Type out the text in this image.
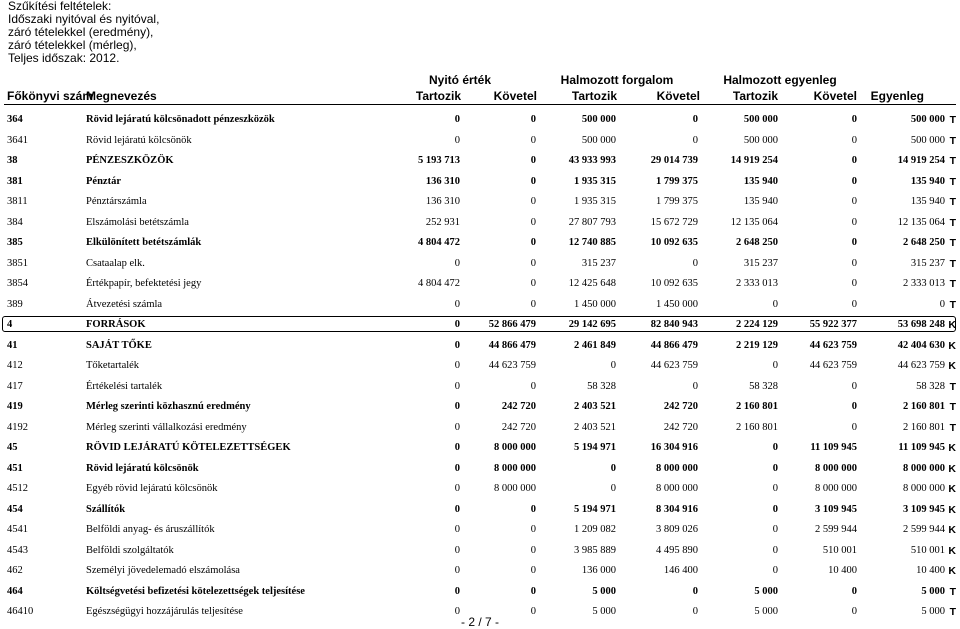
Szűkítési feltételek:
Időszaki nyitóval és nyitóval,
záró tételekkel (eredmény),
záró tételekkel (mérleg),
Teljes időszak: 2012.
Nyitó érték	Halmozott forgalom	Halmozott egyenleg
Főkönyvi szám
Megnevezés	Tartozik	Követel	Tartozik	Követel	Tartozik	Követel Egyenleg
364	Rövid lejáratú kölcsönadott pénzeszközök	0	0	500 000	0	500 000	0	500 000 T
3641	Rövid lejáratú kölcsönök	0	0	500 000	0	500 000	0	500 000 T
38	PÉNZESZKÖZÖK	5 193 713	0	43 933 993	29 014 739	14 919 254	0	14 919 254 T
381	Pénztár	136 310	0	1 935 315	1 799 375	135 940	0	135 940 T
3811	Pénztárszámla	136 310	0	1 935 315	1 799 375	135 940	0	135 940 T
384	Elszámolási betétszámla	252 931	0	27 807 793	15 672 729	12 135 064	0	12 135 064 T
385	Elkülönített betétszámlák	4 804 472	0	12 740 885	10 092 635	2 648 250	0	2 648 250 T
3851	Csataalap elk.	0	0	315 237	0	315 237	0	315 237 T
3854	Értékpapír, befektetési jegy	4 804 472	0	12 425 648	10 092 635	2 333 013	0	2 333 013 T
389	Átvezetési számla	0	0	1 450 000	1 450 000	0	0	0 T
4	FORRÁSOK	0	52 866 479	29 142 695	82 840 943	2 224 129	55 922 377	53 698 248 K
41	SAJÁT TŐKE	0	44 866 479	2 461 849	44 866 479	2 219 129	44 623 759	42 404 630 K
412	Tőketartalék	0	44 623 759	0	44 623 759	0	44 623 759	44 623 759 K
417	Értékelési tartalék	0	0	58 328	0	58 328	0	58 328 T
419	Mérleg szerinti közhasznú eredmény	0	242 720	2 403 521	242 720	2 160 801	0	2 160 801 T
4192	Mérleg szerinti vállalkozási eredmény	0	242 720	2 403 521	242 720	2 160 801	0	2 160 801 T
45	RÖVID LEJÁRATÚ KÖTELEZETTSÉGEK	0	8 000 000	5 194 971	16 304 916	0	11 109 945	11 109 945 K
451	Rövid lejáratú kölcsönök	0	8 000 000	0	8 000 000	0	8 000 000	8 000 000 K
4512	Egyéb rövid lejáratú kölcsönök	0	8 000 000	0	8 000 000	0	8 000 000	8 000 000 K
454	Szállítók	0	0	5 194 971	8 304 916	0	3 109 945	3 109 945 K
4541	Belföldi anyag- és áruszállítók	0	0	1 209 082	3 809 026	0	2 599 944	2 599 944 K
4543	Belföldi szolgáltatók	0	0	3 985 889	4 495 890	0	510 001	510 001 K
462	Személyi jövedelemadó elszámolása	0	0	136 000	146 400	0	10 400	10 400 K
464	Költségvetési befizetési kötelezettségek teljesítése	0	0	5 000	0	5 000	0	5 000 T
46410	Egészségügyi hozzájárulás teljesítése	0	0	5 000	0	5 000	0	5 000 T
- 2 / 7 -
